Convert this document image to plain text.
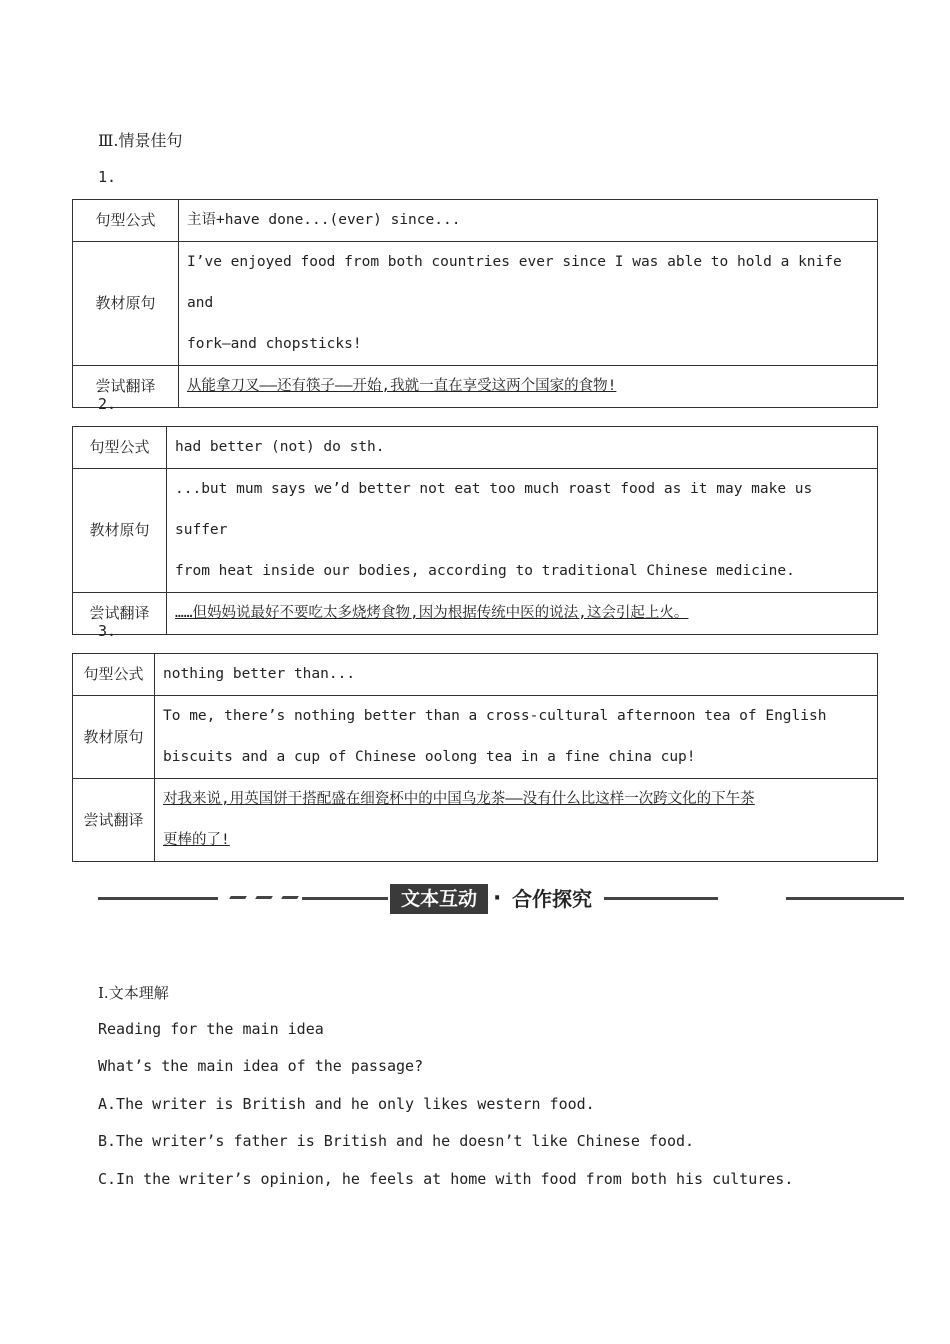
Ⅲ.情景佳句
1.
句型公式	主语+have done...(ever) since...
教材原句	I’ve enjoyed food from both countries ever since I was able to hold a knife and
fork—and chopsticks!

尝试翻译	从能拿刀叉——还有筷子——开始,我就一直在享受这两个国家的食物!
2.
句型公式	had better (not) do sth.
教材原句	...but mum says we’d better not eat too much roast food as it may make us suffer
from heat inside our bodies, according to traditional Chinese medicine.

尝试翻译	……但妈妈说最好不要吃太多烧烤食物,因为根据传统中医的说法,这会引起上火。
3.
句型公式	nothing better than...
教材原句	To me, there’s nothing better than a cross-cultural afternoon tea of English
biscuits and a cup of Chinese oolong tea in a fine china cup!

尝试翻译	对我来说,用英国饼干搭配盛在细瓷杯中的中国乌龙茶——没有什么比这样一次跨文化的下午茶
更棒的了!
文本互动 · 合作探究
Ⅰ.文本理解
Reading for the main idea
What’s the main idea of the passage?
A.The writer is British and he only likes western food.
B.The writer’s father is British and he doesn’t like Chinese food.
C.In the writer’s opinion, he feels at home with food from both his cultures.
